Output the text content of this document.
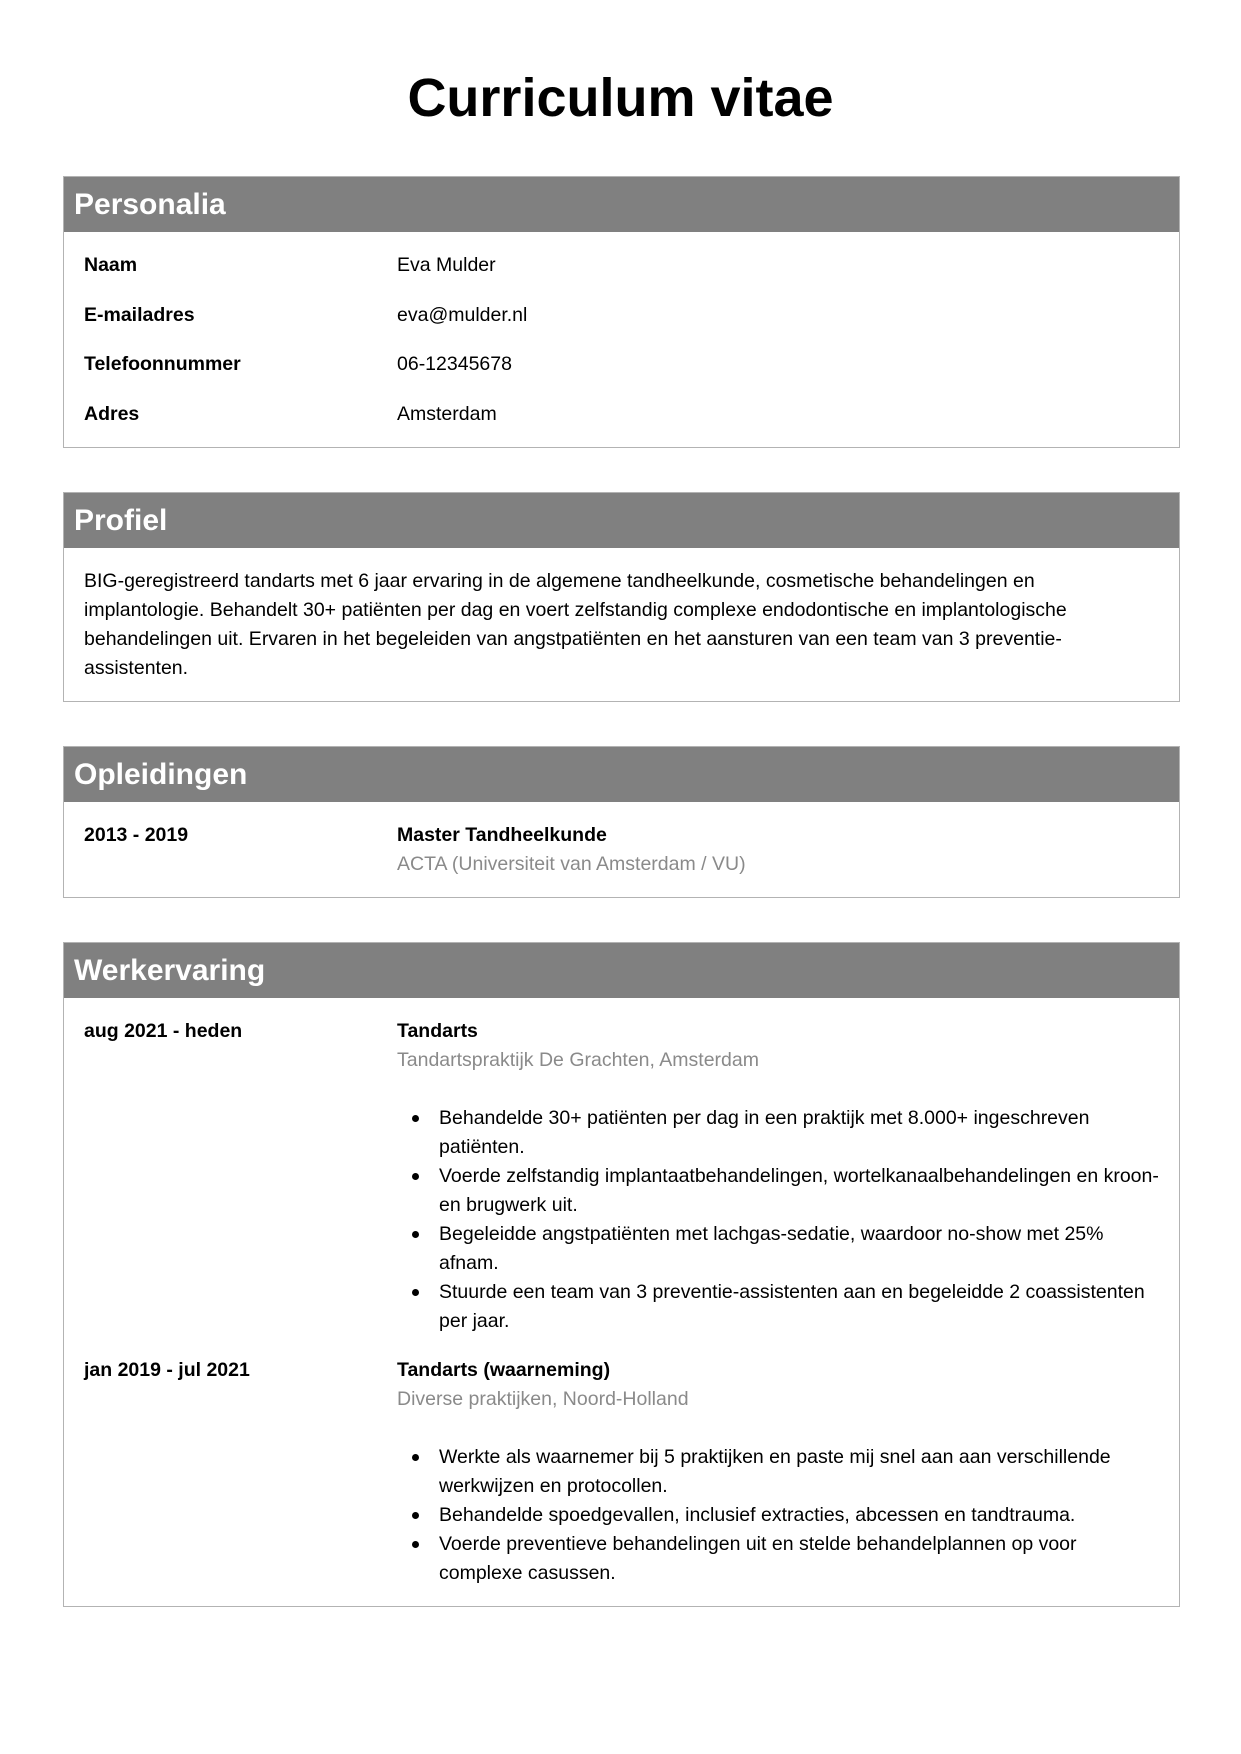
Curriculum vitae
Personalia
Naam	Eva Mulder
E-mailadres	eva@mulder.nl
Telefoonnummer	06-12345678
Adres	Amsterdam
Profiel

BIG-geregistreerd tandarts met 6 jaar ervaring in de algemene tandheelkunde, cosmetische behandelingen en implantologie. Behandelt 30+ patiënten per dag en voert zelfstandig complexe endodontische en implantologische behandelingen uit. Ervaren in het begeleiden van angstpatiënten en het aansturen van een team van 3 preventie-assistenten.

Opleidingen
2013 - 2019	Master Tandheelkunde
ACTA (Universiteit van Amsterdam / VU)
Werkervaring
aug 2021 - heden	Tandarts
Tandartspraktijk De Grachten, Amsterdam
Behandelde 30+ patiënten per dag in een praktijk met 8.000+ ingeschreven patiënten.
Voerde zelfstandig implantaatbehandelingen, wortelkanaalbehandelingen en kroon- en brugwerk uit.
Begeleidde angstpatiënten met lachgas-sedatie, waardoor no-show met 25% afnam.
Stuurde een team van 3 preventie-assistenten aan en begeleidde 2 coassistenten per jaar.
jan 2019 - jul 2021	Tandarts (waarneming)
Diverse praktijken, Noord-Holland
Werkte als waarnemer bij 5 praktijken en paste mij snel aan aan verschillende werkwijzen en protocollen.
Behandelde spoedgevallen, inclusief extracties, abcessen en tandtrauma.
Voerde preventieve behandelingen uit en stelde behandelplannen op voor complexe casussen.
